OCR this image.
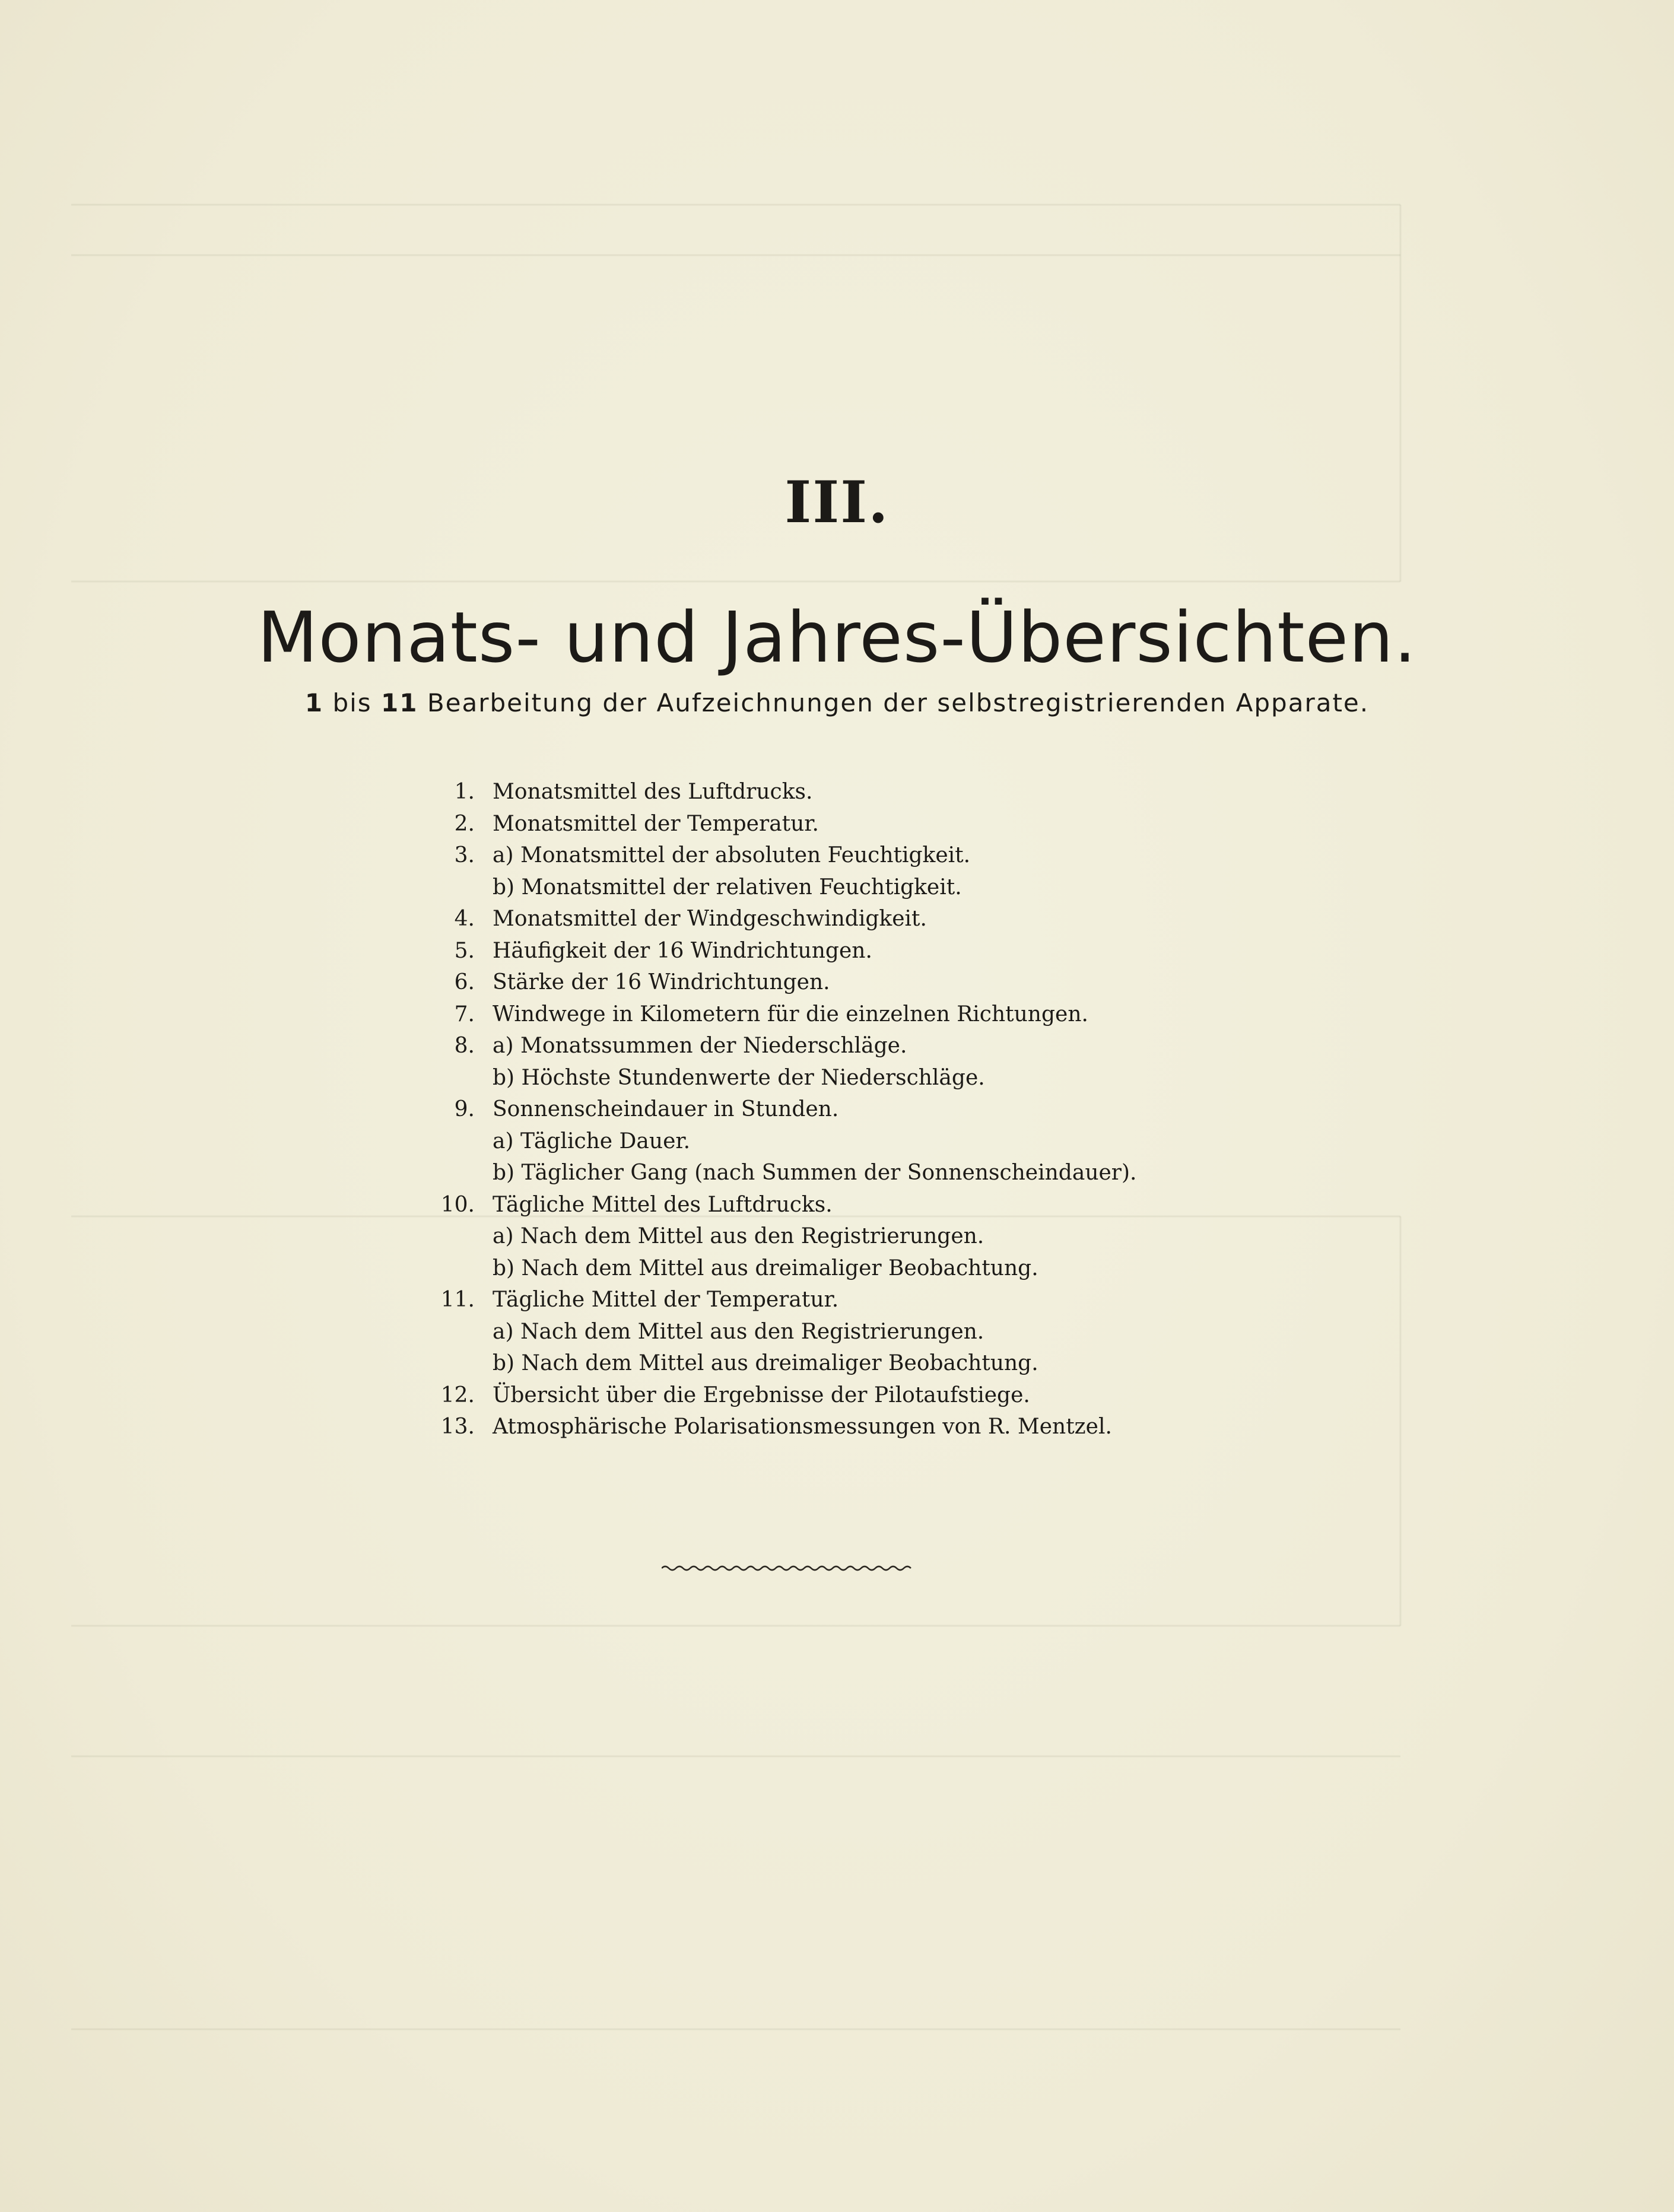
III.
Monats- und Jahres-Übersichten.
1 bis 11 Bearbeitung der Aufzeichnungen der selbstregistrierenden Apparate.
1. Monatsmittel des Luftdrucks.
2. Monatsmittel der Temperatur.
3. a) Monatsmittel der absoluten Feuchtigkeit.
b) Monatsmittel der relativen Feuchtigkeit.
4. Monatsmittel der Windgeschwindigkeit.
5. Häufigkeit der 16 Windrichtungen.
6. Stärke der 16 Windrichtungen.
7. Windwege in Kilometern für die einzelnen Richtungen.
8. a) Monatssummen der Niederschläge.
b) Höchste Stundenwerte der Niederschläge.
9. Sonnenscheindauer in Stunden.
a) Tägliche Dauer.
b) Täglicher Gang (nach Summen der Sonnenscheindauer).
10. Tägliche Mittel des Luftdrucks.
a) Nach dem Mittel aus den Registrierungen.
b) Nach dem Mittel aus dreimaliger Beobachtung.
11. Tägliche Mittel der Temperatur.
a) Nach dem Mittel aus den Registrierungen.
b) Nach dem Mittel aus dreimaliger Beobachtung.
12. Übersicht über die Ergebnisse der Pilotaufstiege.
13. Atmosphärische Polarisationsmessungen von R. Mentzel.
